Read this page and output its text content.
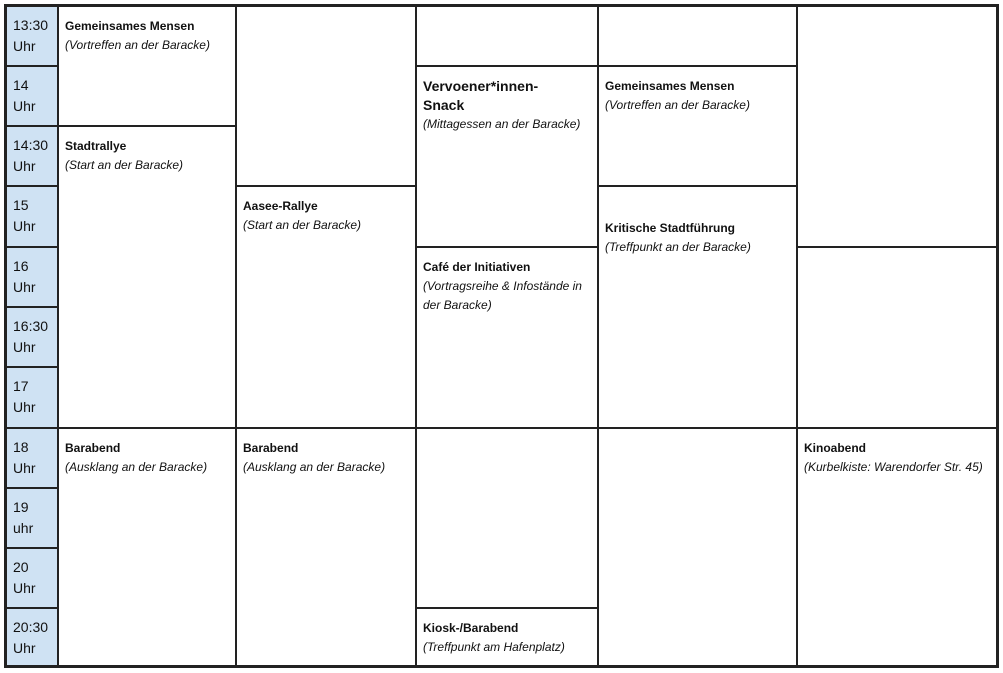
13:30
Uhr
14
Uhr
14:30
Uhr
15
Uhr
16
Uhr
16:30
Uhr
17
Uhr
18
Uhr
19
uhr
20
Uhr
20:30
Uhr
Gemeinsames Mensen
(Vortreffen an der Baracke)
Stadtrallye
(Start an der Baracke)
Barabend
(Ausklang an der Baracke)
Aasee-Rallye
(Start an der Baracke)
Barabend
(Ausklang an der Baracke)
Vervoener*innen-Snack
(Mittagessen an der Baracke)
Café der Initiativen
(Vortragsreihe & Infostände in der Baracke)
Kiosk-/Barabend
(Treffpunkt am Hafenplatz)
Gemeinsames Mensen
(Vortreffen an der Baracke)
Kritische Stadtführung
(Treffpunkt an der Baracke)
Kinoabend
(Kurbelkiste: Warendorfer Str. 45)
